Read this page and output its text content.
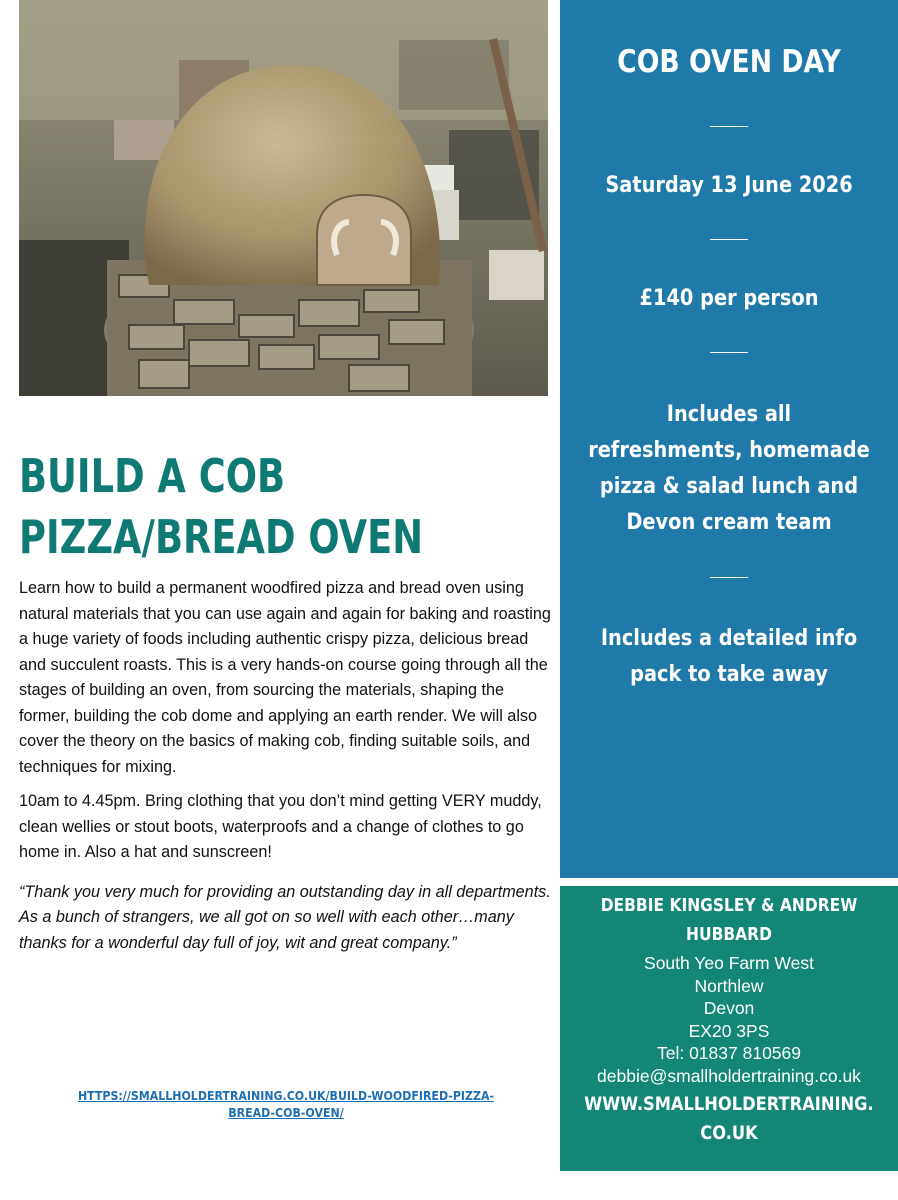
BUILD A COB
PIZZA/BREAD OVEN

Learn how to build a permanent woodfired pizza and bread oven using natural materials that you can use again and again for baking and roasting a huge variety of foods including authentic crispy pizza, delicious bread and succulent roasts. This is a very hands-on course going through all the stages of building an oven, from sourcing the materials, shaping the former, building the cob dome and applying an earth render. We will also cover the theory on the basics of making cob, finding suitable soils, and techniques for mixing.

10am to 4.45pm. Bring clothing that you don’t mind getting VERY muddy, clean wellies or stout boots, waterproofs and a change of clothes to go home in. Also a hat and sunscreen!

“Thank you very much for providing an outstanding day in all departments. As a bunch of strangers, we all got on so well with each other…many thanks for a wonderful day full of joy, wit and great company.”

HTTPS://SMALLHOLDERTRAINING.CO.UK/BUILD-WOODFIRED-PIZZA-BREAD-COB-OVEN/
COB OVEN DAY
Saturday 13 June 2026
£140 per person
Includes all refreshments, homemade pizza & salad lunch and Devon cream team
Includes a detailed info pack to take away
DEBBIE KINGSLEY & ANDREW HUBBARD
South Yeo Farm West
Northlew
Devon
EX20 3PS
Tel: 01837 810569
debbie@smallholdertraining.co.uk
WWW.SMALLHOLDERTRAINING.
CO.UK
